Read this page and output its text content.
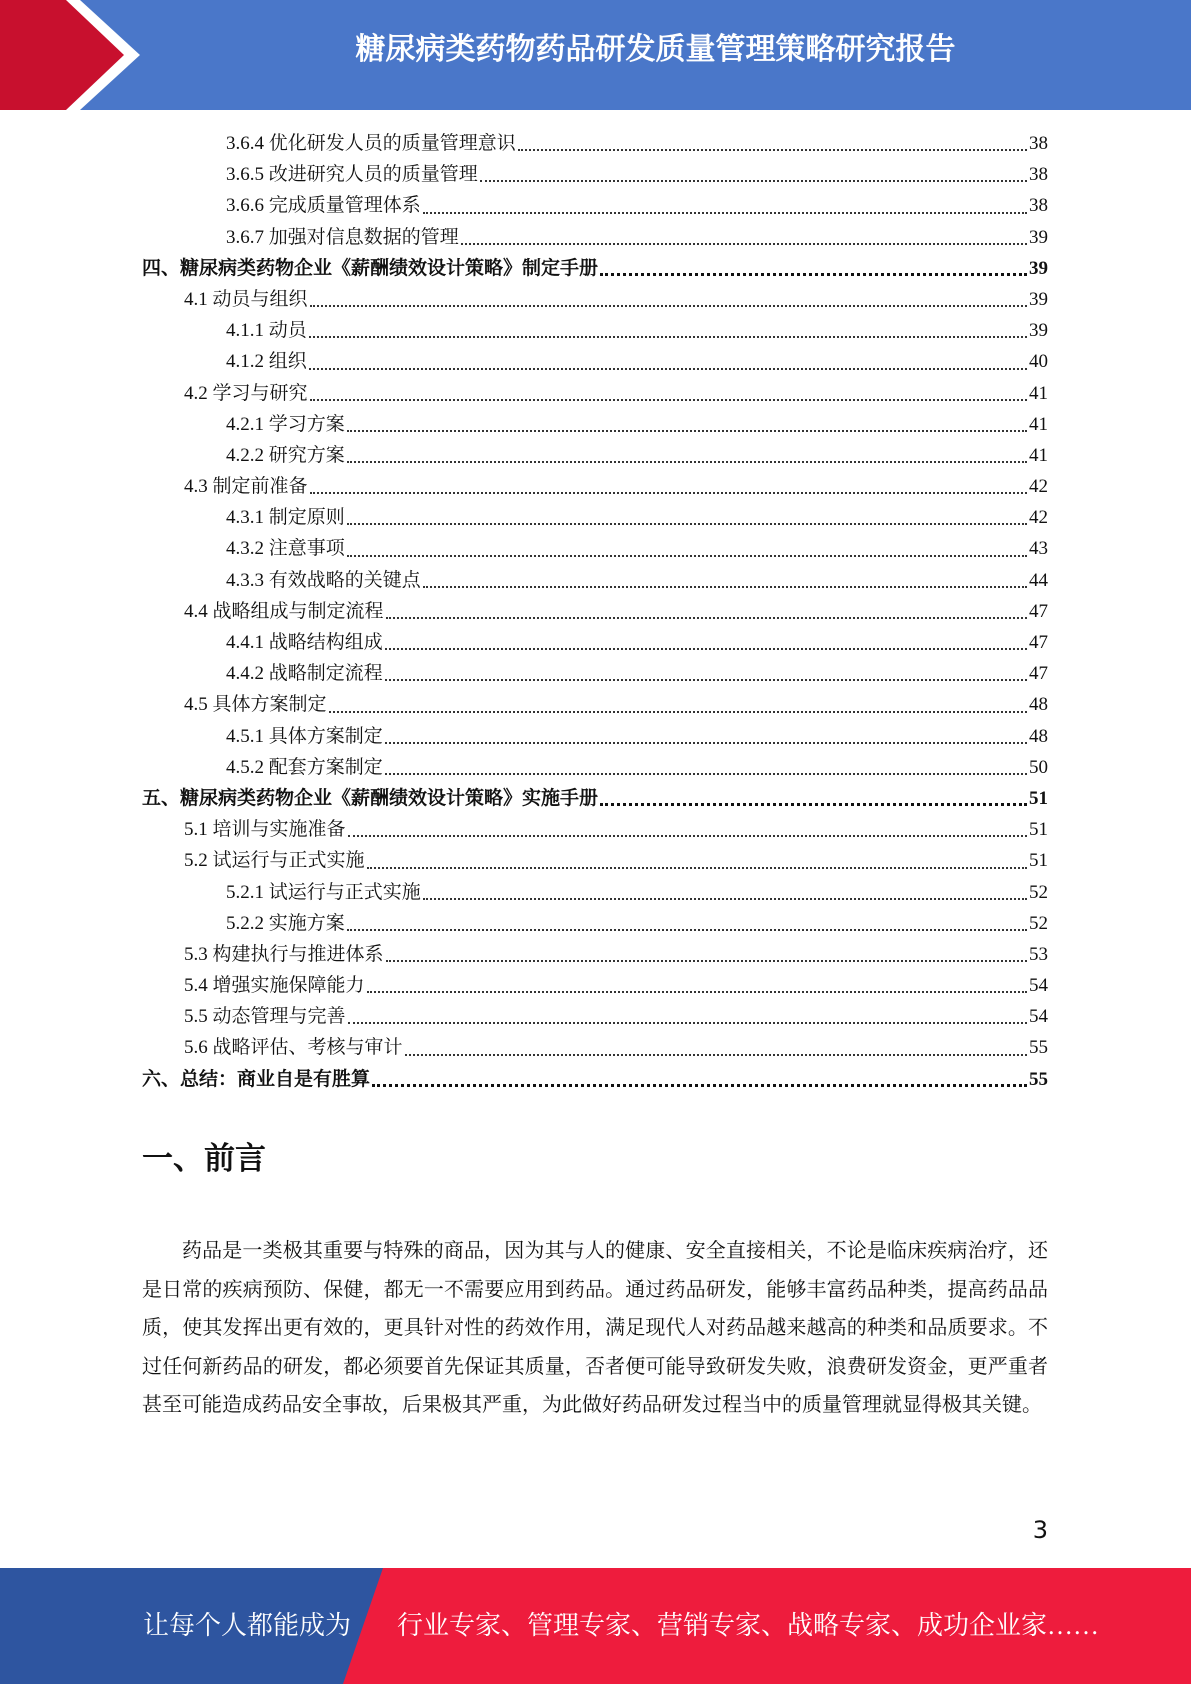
糖尿病类药物药品研发质量管理策略研究报告
3.6.4 优化研发人员的质量管理意识	38
3.6.5 改进研究人员的质量管理	38
3.6.6 完成质量管理体系	38
3.6.7 加强对信息数据的管理	39
四、糖尿病类药物企业《薪酬绩效设计策略》制定手册	39
4.1 动员与组织	39
4.1.1 动员	39
4.1.2 组织	40
4.2 学习与研究	41
4.2.1 学习方案	41
4.2.2 研究方案	41
4.3 制定前准备	42
4.3.1 制定原则	42
4.3.2 注意事项	43
4.3.3 有效战略的关键点	44
4.4 战略组成与制定流程	47
4.4.1 战略结构组成	47
4.4.2 战略制定流程	47
4.5 具体方案制定	48
4.5.1 具体方案制定	48
4.5.2 配套方案制定	50
五、糖尿病类药物企业《薪酬绩效设计策略》实施手册	51
5.1 培训与实施准备	51
5.2 试运行与正式实施	51
5.2.1 试运行与正式实施	52
5.2.2 实施方案	52
5.3 构建执行与推进体系	53
5.4 增强实施保障能力	54
5.5 动态管理与完善	54
5.6 战略评估、考核与审计	55
六、总结：商业自是有胜算	55
一、前言

药品是一类极其重要与特殊的商品，因为其与人的健康、安全直接相关，不论是临床疾病治疗，还是日常的疾病预防、保健，都无一不需要应用到药品。通过药品研发，能够丰富药品种类，提高药品品质，使其发挥出更有效的，更具针对性的药效作用，满足现代人对药品越来越高的种类和品质要求。不过任何新药品的研发，都必须要首先保证其质量，否者便可能导致研发失败，浪费研发资金，更严重者甚至可能造成药品安全事故，后果极其严重，为此做好药品研发过程当中的质量管理就显得极其关键。

3
让每个人都能成为 行业专家、管理专家、营销专家、战略专家、成功企业家……
